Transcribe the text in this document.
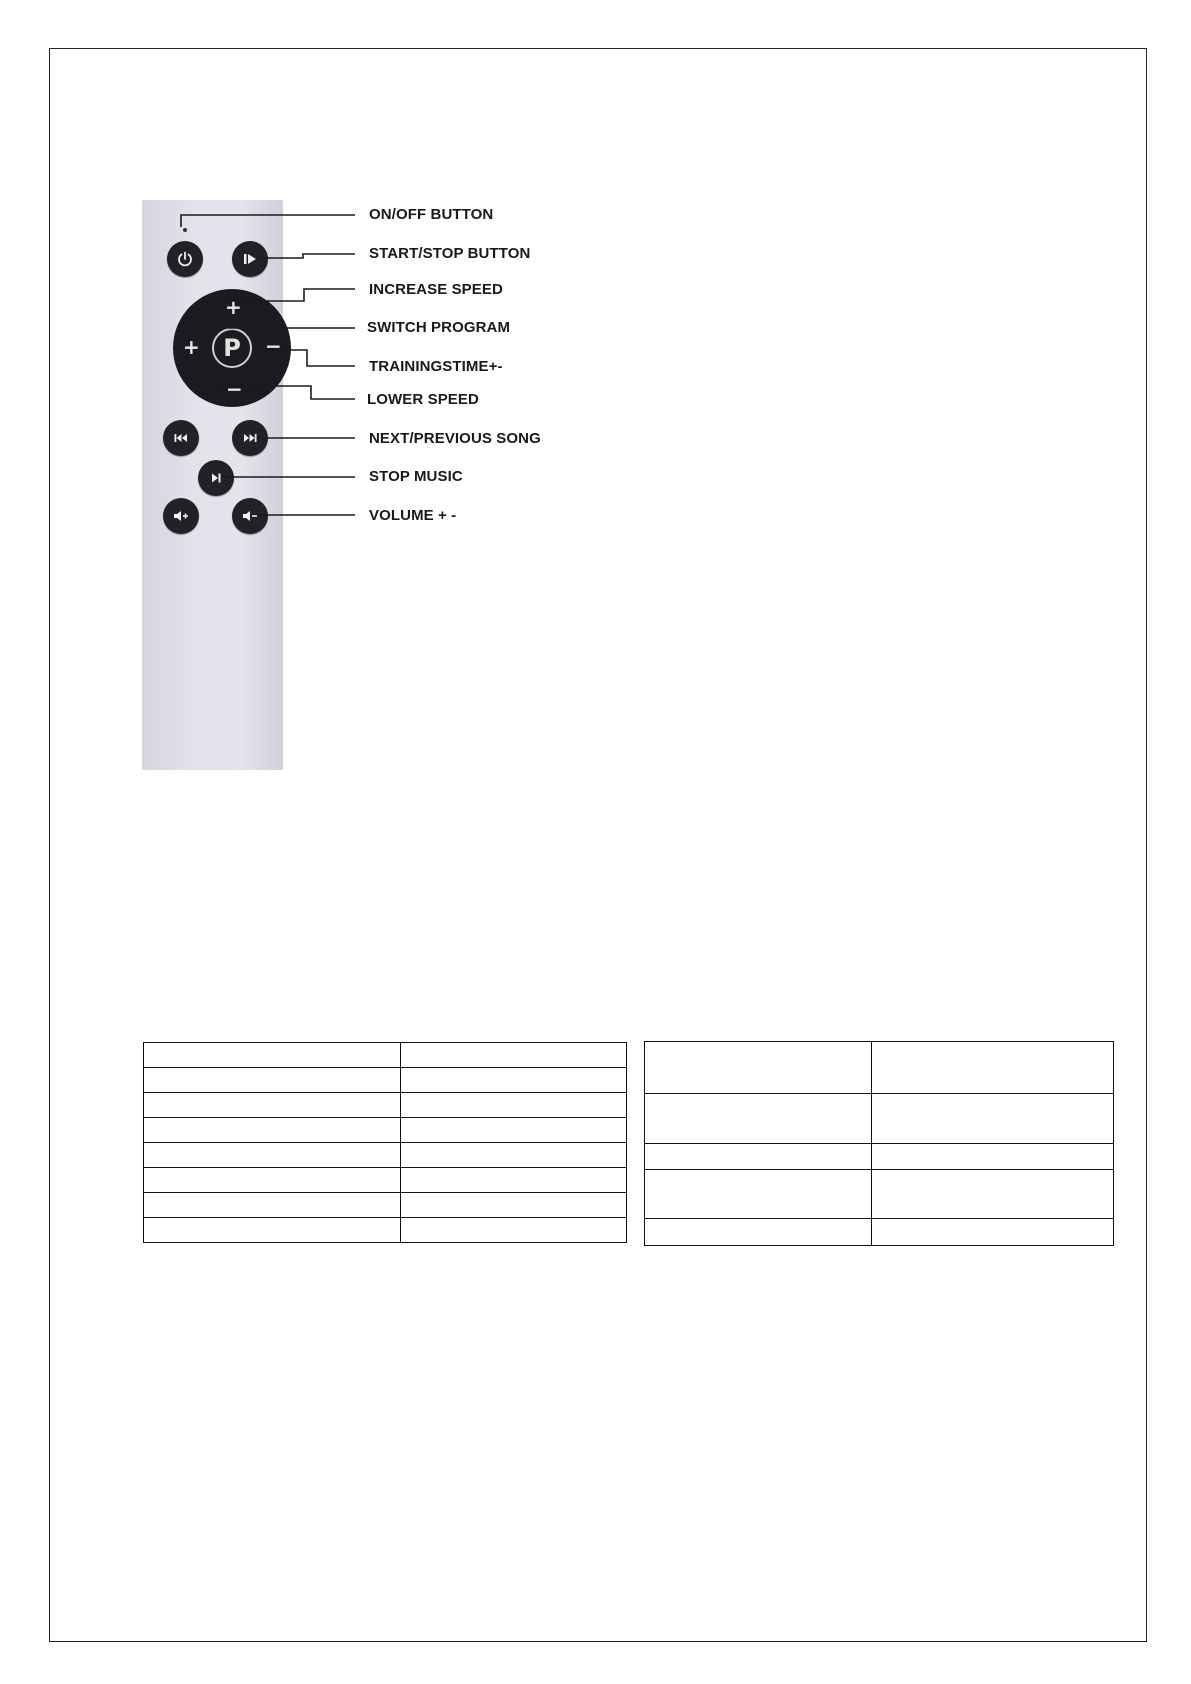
+
−
+	−
P
ON/OFF BUTTON
START/STOP BUTTON
INCREASE SPEED
SWITCH PROGRAM
TRAININGSTIME+-
LOWER SPEED
NEXT/PREVIOUS SONG
STOP MUSIC
VOLUME + -
